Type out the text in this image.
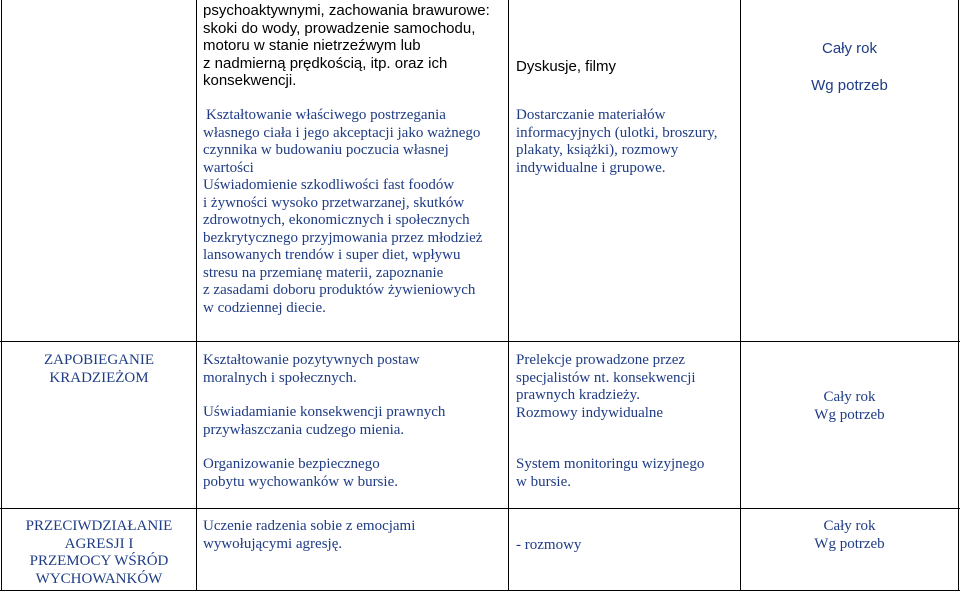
psychoaktywnymi, zachowania brawurowe:

skoki do wody, prowadzenie samochodu,

motoru w stanie nietrzeźwym lub

z nadmierną prędkością, itp. oraz ich

konsekwencji.

Dyskusje, filmy

Cały rok

Wg potrzeb

Kształtowanie właściwego postrzegania

własnego ciała i jego akceptacji jako ważnego

czynnika w budowaniu poczucia własnej

wartości

Uświadomienie szkodliwości fast foodów

i żywności wysoko przetwarzanej, skutków

zdrowotnych, ekonomicznych i społecznych

bezkrytycznego przyjmowania przez młodzież

lansowanych trendów i super diet, wpływu

stresu na przemianę materii, zapoznanie

z zasadami doboru produktów żywieniowych

w codziennej diecie.

Dostarczanie materiałów

informacyjnych (ulotki, broszury,

plakaty, książki), rozmowy

indywidualne i grupowe.

ZAPOBIEGANIE

KRADZIEŻOM

Kształtowanie pozytywnych postaw

moralnych i społecznych.

Uświadamianie konsekwencji prawnych

przywłaszczania cudzego mienia.

Organizowanie bezpiecznego

pobytu wychowanków w bursie.

Prelekcje prowadzone przez

specjalistów nt. konsekwencji

prawnych kradzieży.

Rozmowy indywidualne

System monitoringu wizyjnego

w bursie.

Cały rok

Wg potrzeb

PRZECIWDZIAŁANIE

AGRESJI I

PRZEMOCY WŚRÓD

WYCHOWANKÓW

Uczenie radzenia sobie z emocjami

wywołującymi agresję.	- rozmowy

Cały rok

Wg potrzeb
